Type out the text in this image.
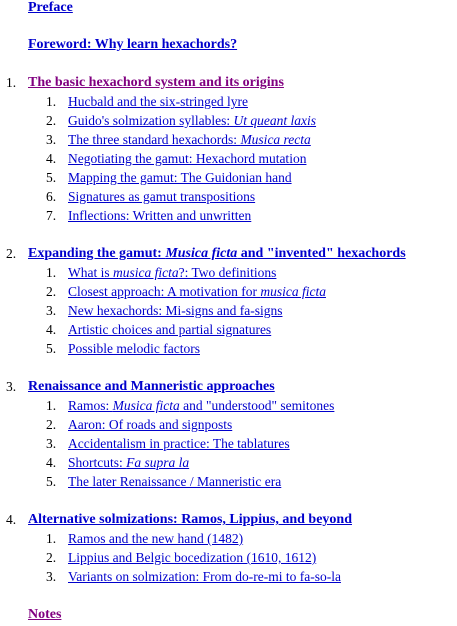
Preface
Foreword: Why learn hexachords?
1. The basic hexachord system and its origins
1. Hucbald and the six-stringed lyre
2. Guido's solmization syllables: Ut queant laxis
3. The three standard hexachords: Musica recta
4. Negotiating the gamut: Hexachord mutation
5. Mapping the gamut: The Guidonian hand
6. Signatures as gamut transpositions
7. Inflections: Written and unwritten
2. Expanding the gamut: Musica ficta and "invented" hexachords
1. What is musica ficta?: Two definitions
2. Closest approach: A motivation for musica ficta
3. New hexachords: Mi-signs and fa-signs
4. Artistic choices and partial signatures
5. Possible melodic factors
3. Renaissance and Manneristic approaches
1. Ramos: Musica ficta and "understood" semitones
2. Aaron: Of roads and signposts
3. Accidentalism in practice: The tablatures
4. Shortcuts: Fa supra la
5. The later Renaissance / Manneristic era
4. Alternative solmizations: Ramos, Lippius, and beyond
1. Ramos and the new hand (1482)
2. Lippius and Belgic bocedization (1610, 1612)
3. Variants on solmization: From do-re-mi to fa-so-la
Notes
